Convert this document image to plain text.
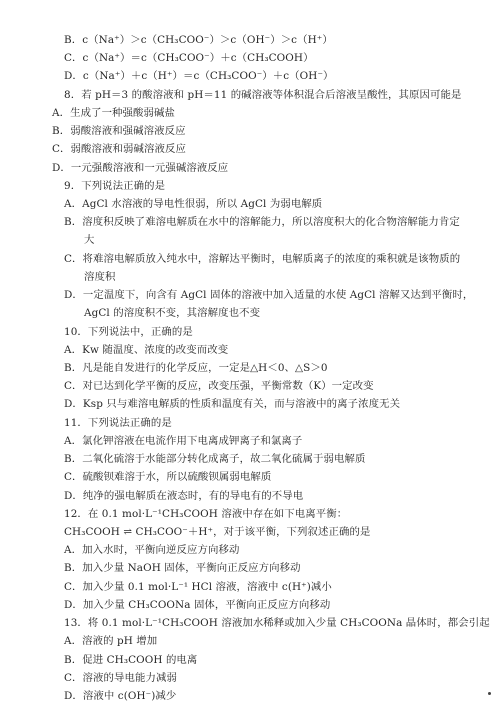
B．c（Na⁺）＞c（CH₃COO⁻）＞c（OH⁻）＞c（H⁺）
C．c（Na⁺）＝c（CH₃COO⁻）＋c（CH₃COOH）
D．c（Na⁺）＋c（H⁺）＝c（CH₃COO⁻）＋c（OH⁻）
8．若 pH＝3 的酸溶液和 pH＝11 的碱溶液等体积混合后溶液呈酸性，其原因可能是
A．生成了一种强酸弱碱盐
B．弱酸溶液和强碱溶液反应
C．弱酸溶液和弱碱溶液反应
D．一元强酸溶液和一元强碱溶液反应
9．下列说法正确的是
A．AgCl 水溶液的导电性很弱，所以 AgCl 为弱电解质
B．溶度积反映了难溶电解质在水中的溶解能力，所以溶度积大的化合物溶解能力肯定
大
C．将难溶电解质放入纯水中，溶解达平衡时，电解质离子的浓度的乘积就是该物质的
溶度积
D．一定温度下，向含有 AgCl 固体的溶液中加入适量的水使 AgCl 溶解又达到平衡时，
AgCl 的溶度积不变，其溶解度也不变
10．下列说法中，正确的是
A．Kw 随温度、浓度的改变而改变
B．凡是能自发进行的化学反应，一定是△H＜0、△S＞0
C．对已达到化学平衡的反应，改变压强，平衡常数（K）一定改变
D．Ksp 只与难溶电解质的性质和温度有关，而与溶液中的离子浓度无关
11．下列说法正确的是
A．氯化钾溶液在电流作用下电离成钾离子和氯离子
B．二氧化硫溶于水能部分转化成离子，故二氧化硫属于弱电解质
C．硫酸钡难溶于水，所以硫酸钡属弱电解质
D．纯净的强电解质在液态时，有的导电有的不导电
12．在 0.1 mol·L⁻¹CH₃COOH 溶液中存在如下电离平衡：
CH₃COOH ⇌ CH₃COO⁻＋H⁺，对于该平衡，下列叙述正确的是
A．加入水时，平衡向逆反应方向移动
B．加入少量 NaOH 固体，平衡向正反应方向移动
C．加入少量 0.1 mol·L⁻¹ HCl 溶液，溶液中 c(H⁺)减小
D．加入少量 CH₃COONa 固体，平衡向正反应方向移动
13．将 0.1 mol·L⁻¹CH₃COOH 溶液加水稀释或加入少量 CH₃COONa 晶体时，都会引起
A．溶液的 pH 增加
B．促进 CH₃COOH 的电离
C．溶液的导电能力减弱
D．溶液中 c(OH⁻)减少
